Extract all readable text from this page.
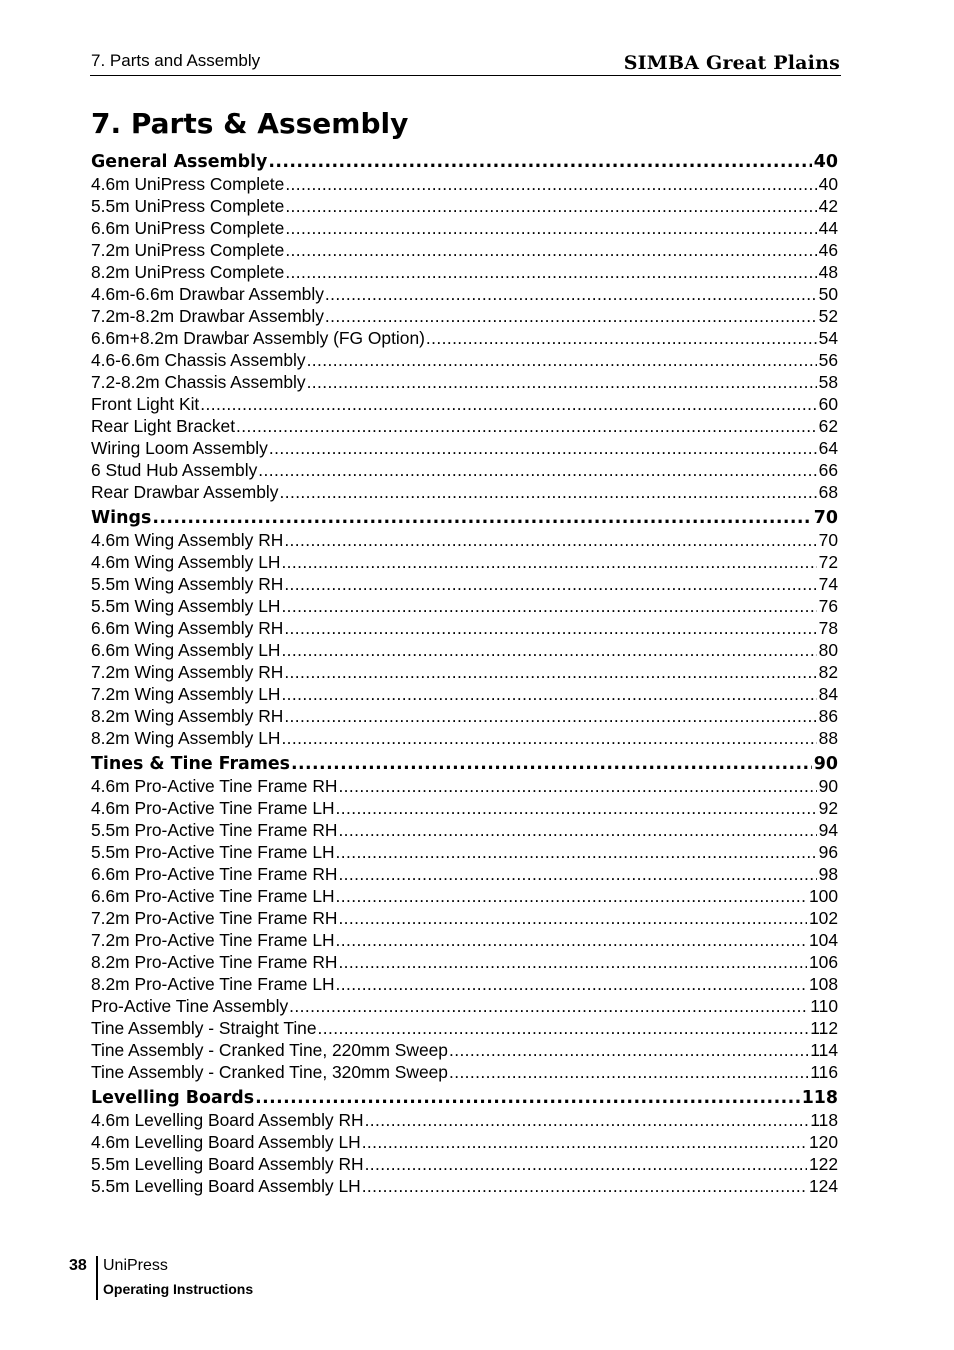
7. Parts and Assembly	SIMBA Great Plains
7. Parts & Assembly
General Assembly .....	40
4.6m UniPress Complete .....	40
5.5m UniPress Complete .....	42
6.6m UniPress Complete .....	44
7.2m UniPress Complete .....	46
8.2m UniPress Complete .....	48
4.6m-6.6m Drawbar Assembly .....	50
7.2m-8.2m Drawbar Assembly .....	52
6.6m+8.2m Drawbar Assembly (FG Option) .....	54
4.6-6.6m Chassis Assembly .....	56
7.2-8.2m Chassis Assembly .....	58
Front Light Kit .....	60
Rear Light Bracket .....	62
Wiring Loom Assembly .....	64
6 Stud Hub Assembly .....	66
Rear Drawbar Assembly .....	68
Wings .....	70
4.6m Wing Assembly RH .....	70
4.6m Wing Assembly LH .....	72
5.5m Wing Assembly RH .....	74
5.5m Wing Assembly LH .....	76
6.6m Wing Assembly RH .....	78
6.6m Wing Assembly LH .....	80
7.2m Wing Assembly RH .....	82
7.2m Wing Assembly LH .....	84
8.2m Wing Assembly RH .....	86
8.2m Wing Assembly LH .....	88
Tines & Tine Frames .....	90
4.6m Pro-Active Tine Frame RH .....	90
4.6m Pro-Active Tine Frame LH .....	92
5.5m Pro-Active Tine Frame RH .....	94
5.5m Pro-Active Tine Frame LH .....	96
6.6m Pro-Active Tine Frame RH .....	98
6.6m Pro-Active Tine Frame LH .....	100
7.2m Pro-Active Tine Frame RH .....	102
7.2m Pro-Active Tine Frame LH .....	104
8.2m Pro-Active Tine Frame RH .....	106
8.2m Pro-Active Tine Frame LH .....	108
Pro-Active Tine Assembly .....	110
Tine Assembly - Straight Tine .....	112
Tine Assembly - Cranked Tine, 220mm Sweep .....	114
Tine Assembly - Cranked Tine, 320mm Sweep .....	116
Levelling Boards .....	118
4.6m Levelling Board Assembly RH .....	118
4.6m Levelling Board Assembly LH .....	120
5.5m Levelling Board Assembly RH .....	122
5.5m Levelling Board Assembly LH .....	124
38 UniPress
Operating Instructions
